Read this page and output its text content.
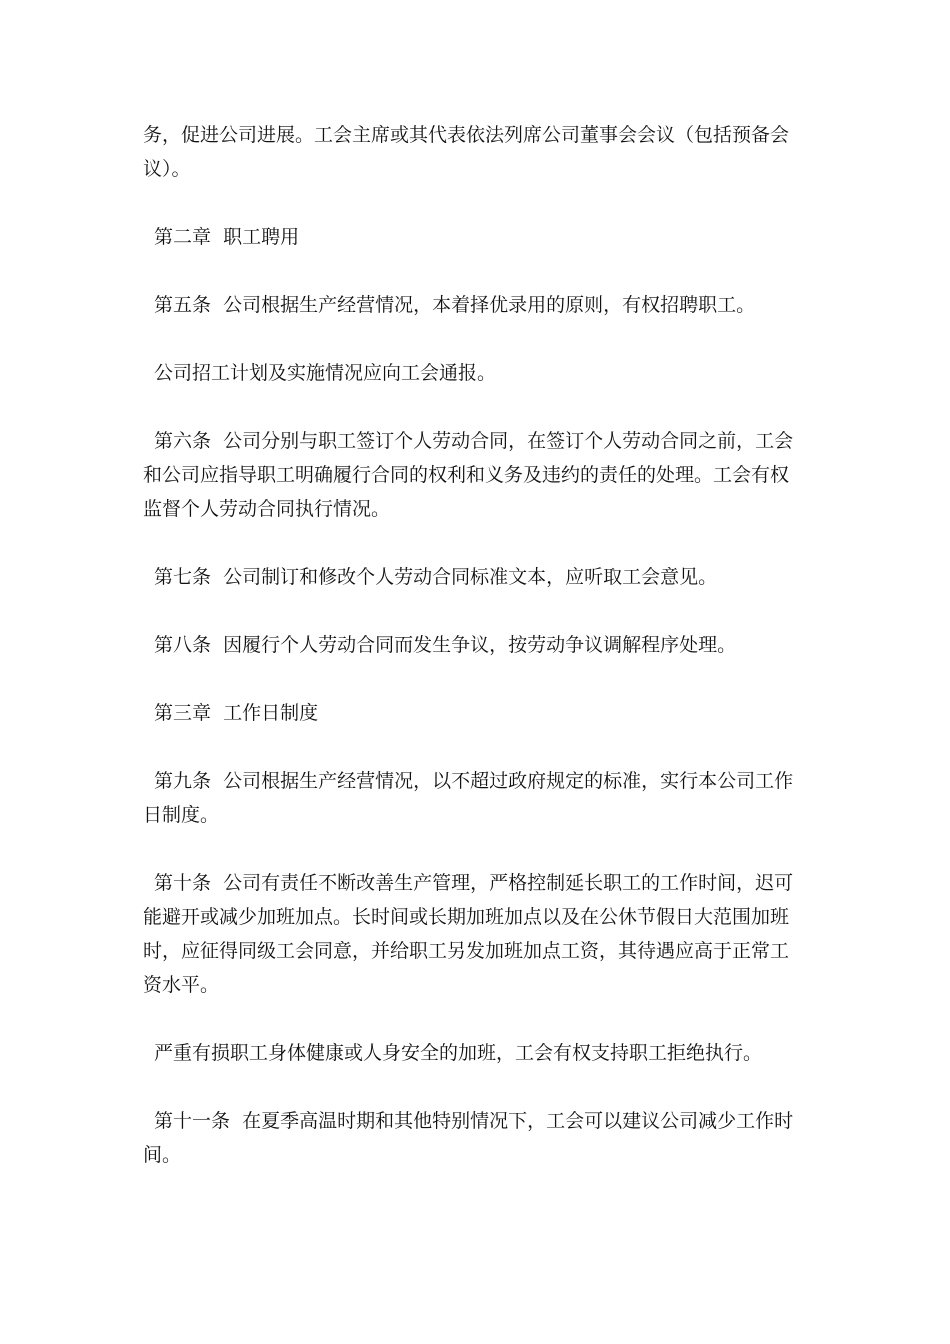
务，促进公司进展。工会主席或其代表依法列席公司董事会会议（包括预备会议）。

第二章  职工聘用

第五条  公司根据生产经营情况，本着择优录用的原则，有权招聘职工。

公司招工计划及实施情况应向工会通报。

第六条  公司分别与职工签订个人劳动合同，在签订个人劳动合同之前，工会和公司应指导职工明确履行合同的权利和义务及违约的责任的处理。工会有权监督个人劳动合同执行情况。

第七条  公司制订和修改个人劳动合同标准文本，应听取工会意见。

第八条  因履行个人劳动合同而发生争议，按劳动争议调解程序处理。

第三章  工作日制度

第九条  公司根据生产经营情况，以不超过政府规定的标准，实行本公司工作日制度。

第十条  公司有责任不断改善生产管理，严格控制延长职工的工作时间，迟可能避开或减少加班加点。长时间或长期加班加点以及在公休节假日大范围加班时，应征得同级工会同意，并给职工另发加班加点工资，其待遇应高于正常工资水平。

严重有损职工身体健康或人身安全的加班，工会有权支持职工拒绝执行。

第十一条  在夏季高温时期和其他特别情况下，工会可以建议公司减少工作时间。
